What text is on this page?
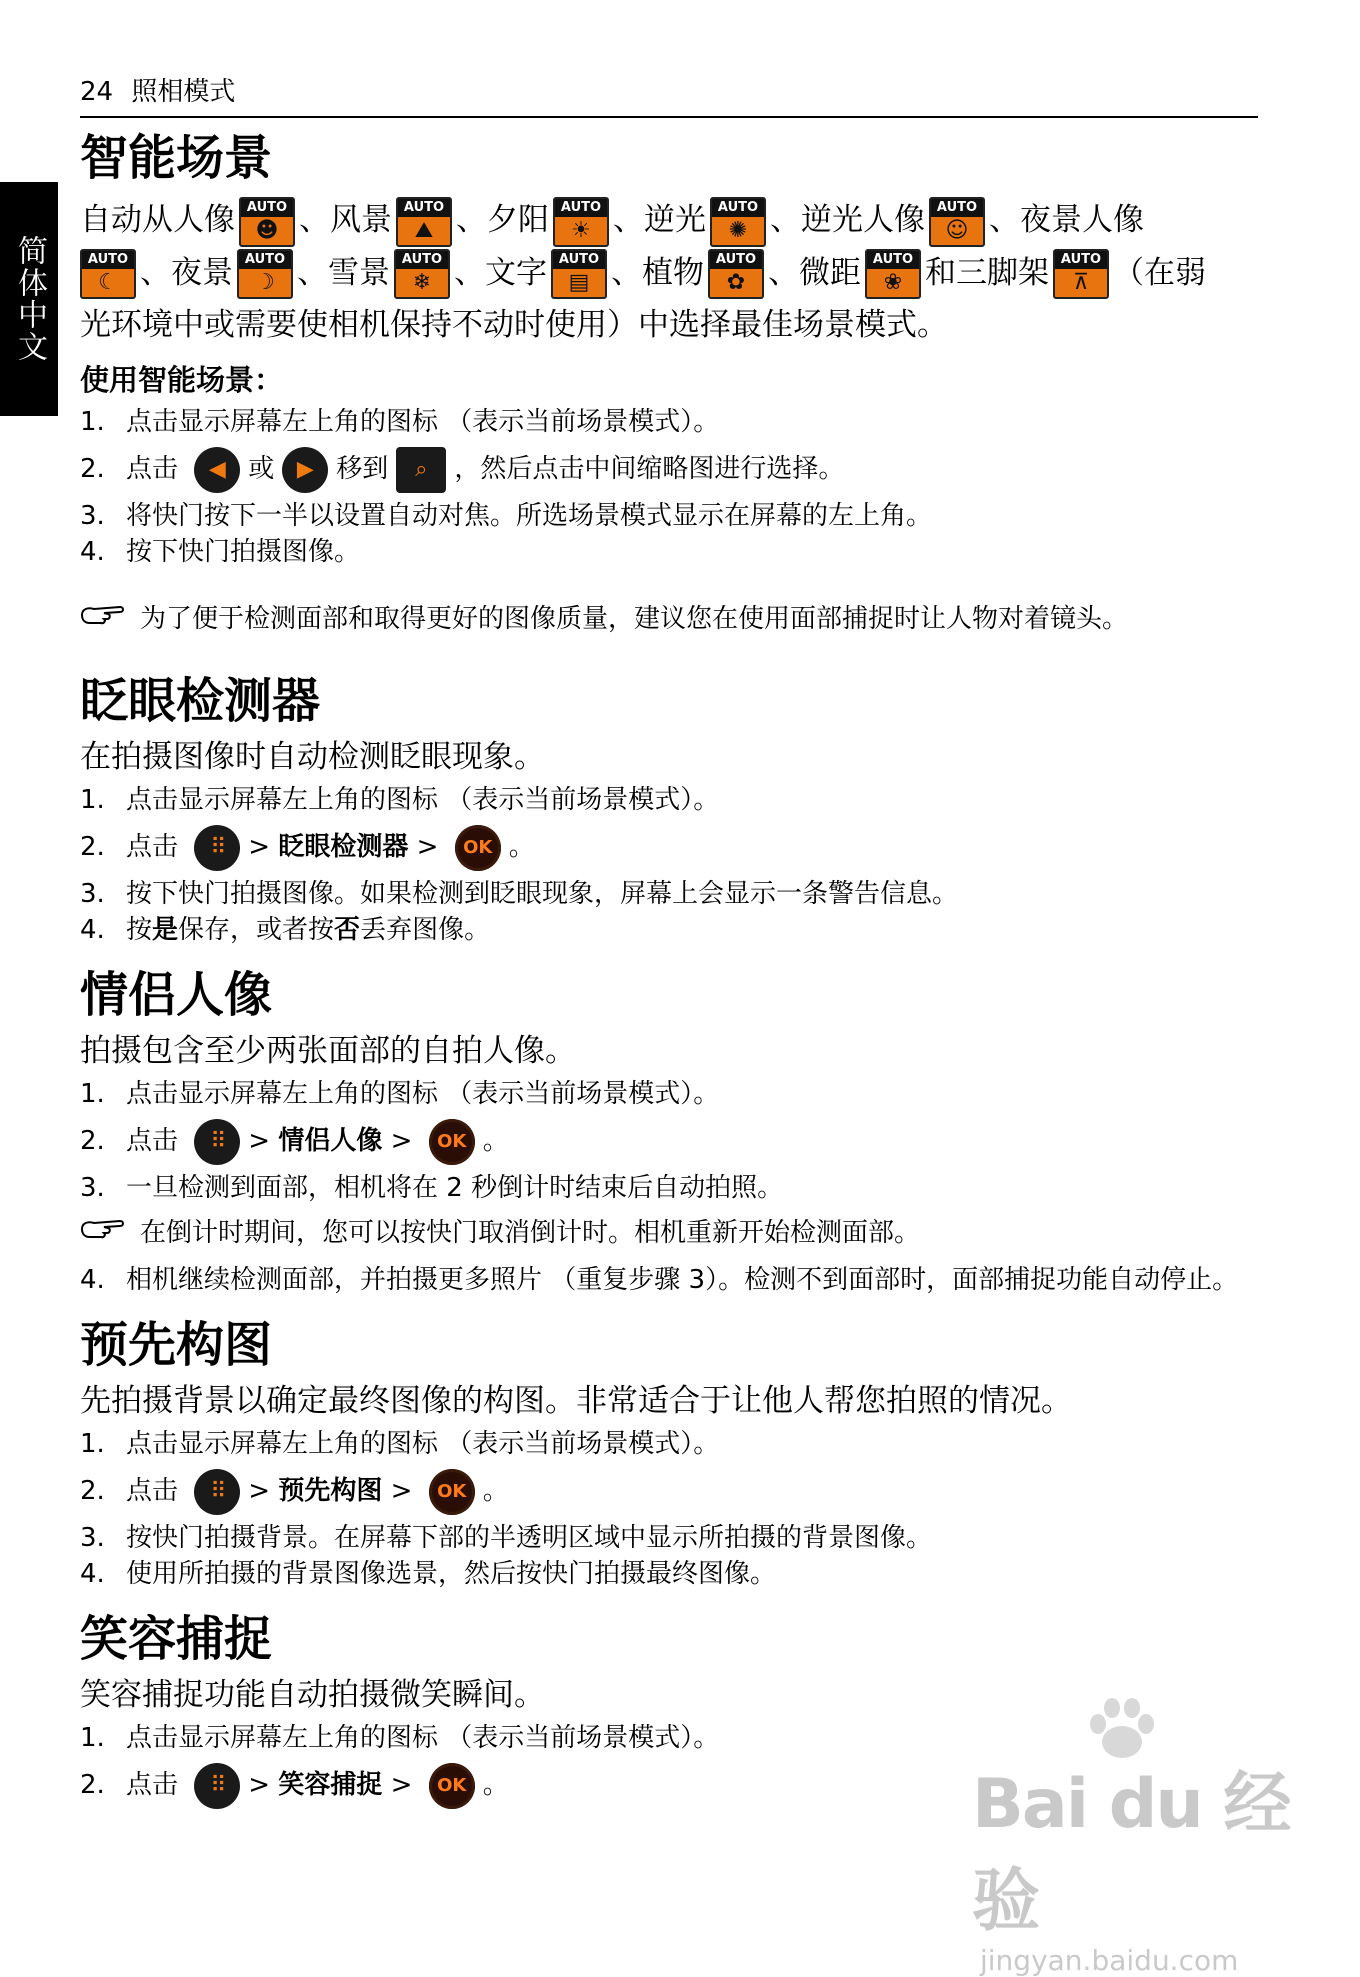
24 照相模式
简体中文
智能场景
自动从人像 AUTO
☻ 、风景 AUTO
⛰ 、夕阳 AUTO
☀ 、逆光 AUTO
✺ 、逆光人像 AUTO
☺ 、夜景人像
AUTO
☾ 、夜景 AUTO
☽ 、雪景 AUTO
❄ 、文字 AUTO
▤ 、植物 AUTO
✿ 、微距 AUTO
❀ 和三脚架 AUTO
⊼ （在弱
光环境中或需要使相机保持不动时使用）中选择最佳场景模式。
使用智能场景：
1. 点击显示屏幕左上角的图标 （表示当前场景模式）。
2. 点击 ◀ 或 ▶ 移到 ⌕ ，然后点击中间缩略图进行选择。
3. 将快门按下一半以设置自动对焦。所选场景模式显示在屏幕的左上角。
4. 按下快门拍摄图像。
为了便于检测面部和取得更好的图像质量，建议您在使用面部捕捉时让人物对着镜头。
眨眼检测器
在拍摄图像时自动检测眨眼现象。
1. 点击显示屏幕左上角的图标 （表示当前场景模式）。
2. 点击 ⠿ > 眨眼检测器 > OK 。
3. 按下快门拍摄图像。如果检测到眨眼现象，屏幕上会显示一条警告信息。
4. 按是保存，或者按否丢弃图像。
情侣人像
拍摄包含至少两张面部的自拍人像。
1. 点击显示屏幕左上角的图标 （表示当前场景模式）。
2. 点击 ⠿ > 情侣人像 > OK 。
3. 一旦检测到面部，相机将在 2 秒倒计时结束后自动拍照。
在倒计时期间，您可以按快门取消倒计时。相机重新开始检测面部。
4. 相机继续检测面部，并拍摄更多照片 （重复步骤 3）。检测不到面部时，面部捕捉功能自动停止。
预先构图
先拍摄背景以确定最终图像的构图。非常适合于让他人帮您拍照的情况。
1. 点击显示屏幕左上角的图标 （表示当前场景模式）。
2. 点击 ⠿ > 预先构图 > OK 。
3. 按快门拍摄背景。在屏幕下部的半透明区域中显示所拍摄的背景图像。
4. 使用所拍摄的背景图像选景，然后按快门拍摄最终图像。
笑容捕捉
笑容捕捉功能自动拍摄微笑瞬间。
1. 点击显示屏幕左上角的图标 （表示当前场景模式）。
2. 点击 ⠿ > 笑容捕捉 > OK 。	Bai du 经验
jingyan.baidu.com
